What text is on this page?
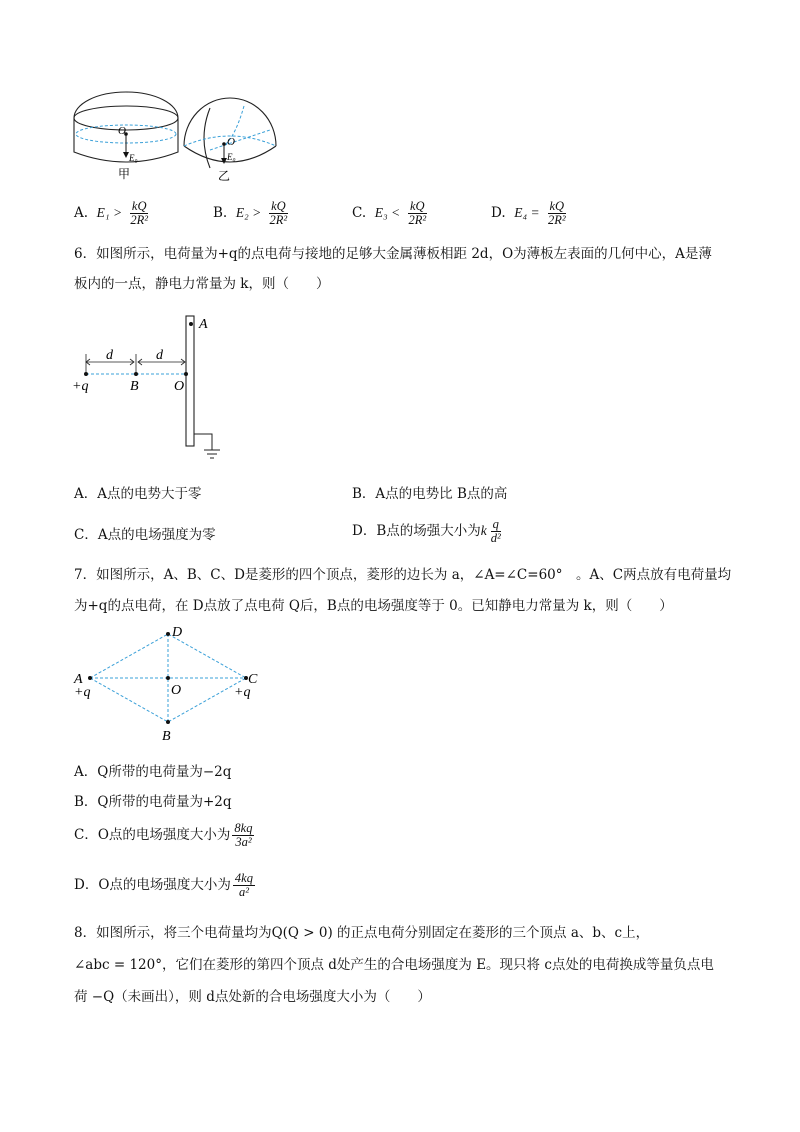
O
E₀
甲
O
E₀
乙
A. $E_1 > \frac{kQ}{\text{2R²}}$	B. $E_2 > \frac{kQ}{\text{2R²}}$	C. $E_3 < \frac{kQ}{\text{2R²}}$	D. $E_4 = \frac{kQ}{\text{2R²}}$
6．如图所示，电荷量为+q的点电荷与接地的足够大金属薄板相距 2d，O为薄板左表面的几何中心，A是薄
板内的一点，静电力常量为 k，则（　　）
A
d	d
+q	B	O
A．A点的电势大于零	B．A点的电势比 B点的高
C．A点的电场强度为零	D．B点的场强大小为k $\frac{q}{\text{d²}}$
7．如图所示，A、B、C、D是菱形的四个顶点，菱形的边长为 a，∠A=∠C=60°　。A、C两点放有电荷量均
为+q的点电荷，在 D点放了点电荷 Q后，B点的电场强度等于 0。已知静电力常量为 k，则（　　）
D
A
+q
C
+q
O
B
A．Q所带的电荷量为−2q
B．Q所带的电荷量为+2q
C．O点的电场强度大小为 $\frac{8kq}{\text{3a²}}$
D．O点的电场强度大小为 $\frac{4kq}{\text{a²}}$
8．如图所示，将三个电荷量均为Q(Q > 0) 的正点电荷分别固定在菱形的三个顶点 a、b、c上，
∠abc = 120°，它们在菱形的第四个顶点 d处产生的合电场强度为 E。现只将 c点处的电荷换成等量负点电
荷 −Q（未画出），则 d点处新的合电场强度大小为（　　）
